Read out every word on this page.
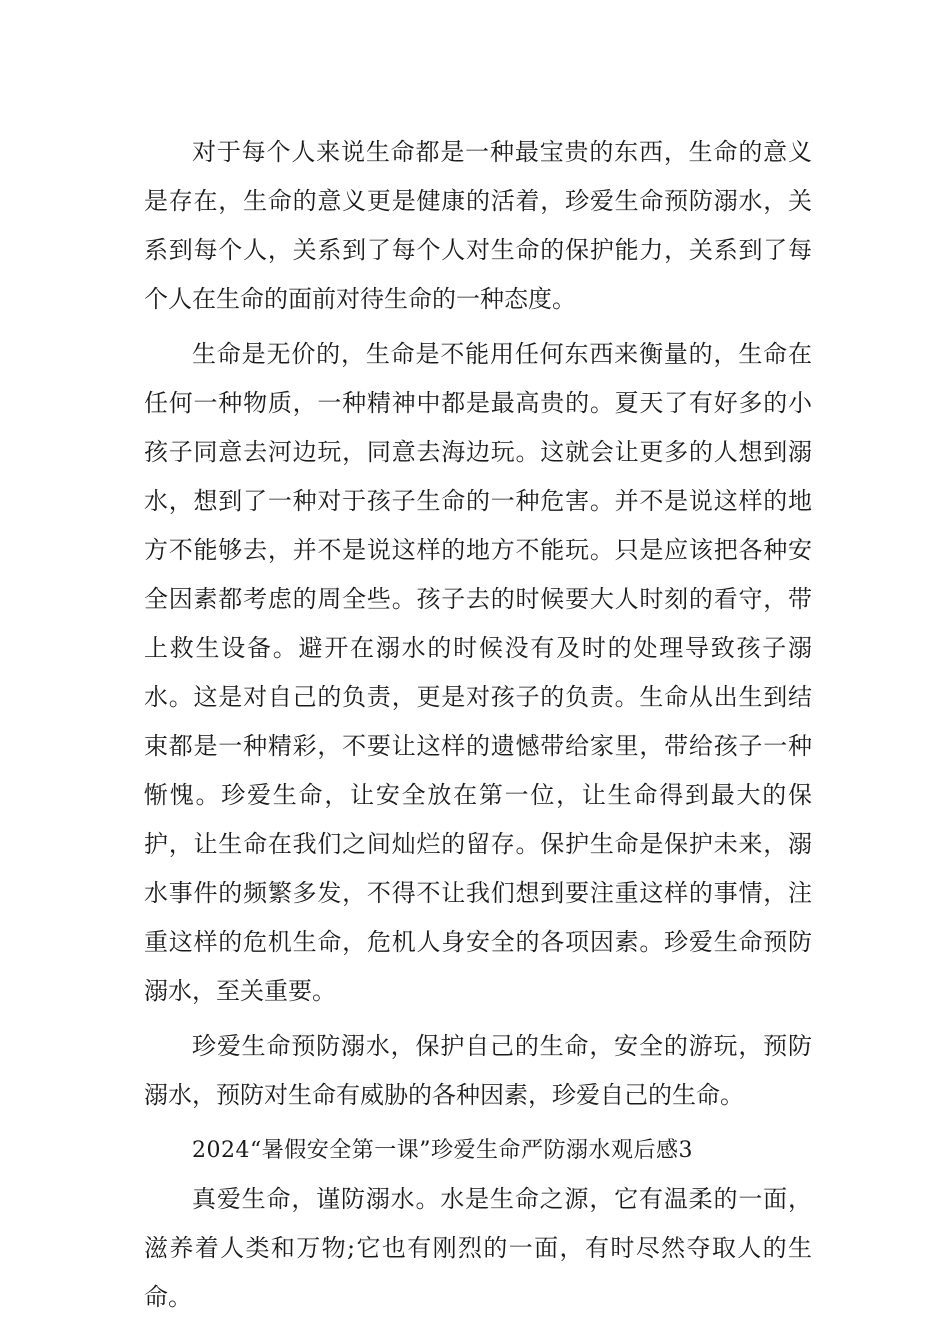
对于每个人来说生命都是一种最宝贵的东西，生命的意义是存在，生命的意义更是健康的活着，珍爱生命预防溺水，关系到每个人，关系到了每个人对生命的保护能力，关系到了每个人在生命的面前对待生命的一种态度。

生命是无价的，生命是不能用任何东西来衡量的，生命在任何一种物质，一种精神中都是最高贵的。夏天了有好多的小孩子同意去河边玩，同意去海边玩。这就会让更多的人想到溺水，想到了一种对于孩子生命的一种危害。并不是说这样的地方不能够去，并不是说这样的地方不能玩。只是应该把各种安全因素都考虑的周全些。孩子去的时候要大人时刻的看守，带上救生设备。避开在溺水的时候没有及时的处理导致孩子溺水。这是对自己的负责，更是对孩子的负责。生命从出生到结束都是一种精彩，不要让这样的遗憾带给家里，带给孩子一种惭愧。珍爱生命，让安全放在第一位，让生命得到最大的保护，让生命在我们之间灿烂的留存。保护生命是保护未来，溺水事件的频繁多发，不得不让我们想到要注重这样的事情，注重这样的危机生命，危机人身安全的各项因素。珍爱生命预防溺水，至关重要。

珍爱生命预防溺水，保护自己的生命，安全的游玩，预防溺水，预防对生命有威胁的各种因素，珍爱自己的生命。

2024“暑假安全第一课”珍爱生命严防溺水观后感3

真爱生命，谨防溺水。水是生命之源，它有温柔的一面，滋养着人类和万物;它也有刚烈的一面，有时尽然夺取人的生命。
